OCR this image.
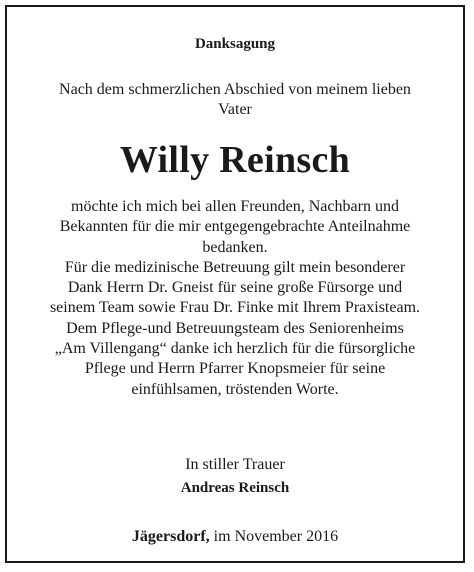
Danksagung
Nach dem schmerzlichen Abschied von meinem lieben
Vater
Willy Reinsch
möchte ich mich bei allen Freunden, Nachbarn und
Bekannten für die mir entgegengebrachte Anteilnahme
bedanken.
Für die medizinische Betreuung gilt mein besonderer
Dank Herrn Dr. Gneist für seine große Fürsorge und
seinem Team sowie Frau Dr. Finke mit Ihrem Praxisteam.
Dem Pflege-und Betreuungsteam des Seniorenheims
„Am Villengang“ danke ich herzlich für die fürsorgliche
Pflege und Herrn Pfarrer Knopsmeier für seine
einfühlsamen, tröstenden Worte.
In stiller Trauer
Andreas Reinsch
Jägersdorf, im November 2016
